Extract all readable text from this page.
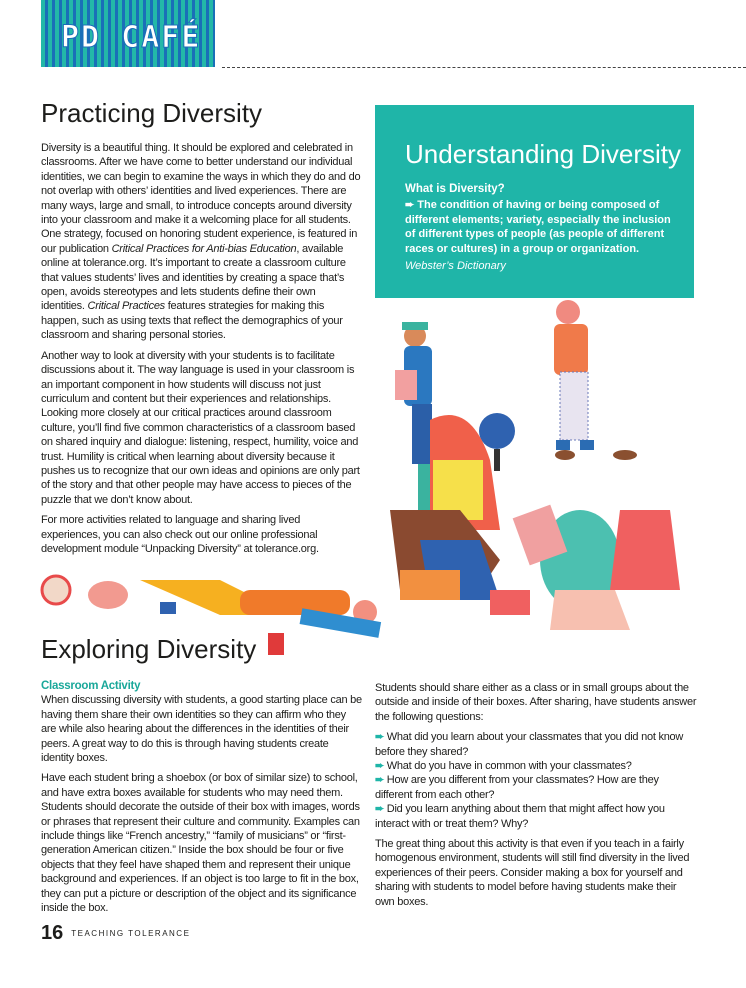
PD CAFÉ
Practicing Diversity

Diversity is a beautiful thing. It should be explored and celebrated in classrooms. After we have come to better understand our individual identities, we can begin to examine the ways in which they do and do not overlap with others’ identities and lived experiences. There are many ways, large and small, to introduce concepts around diversity into your classroom and make it a welcoming place for all students. One strategy, focused on honoring student experience, is featured in our publication Critical Practices for Anti-bias Education, available online at tolerance.org. It’s important to create a classroom culture that values students’ lives and identities by creating a space that’s open, avoids stereotypes and lets students define their own identities. Critical Practices features strategies for making this happen, such as using texts that reflect the demographics of your classroom and sharing personal stories.

Another way to look at diversity with your students is to facilitate discussions about it. The way language is used in your classroom is an important component in how students will discuss not just curriculum and content but their experiences and relationships. Looking more closely at our critical practices around classroom culture, you’ll find five common characteristics of a classroom based on shared inquiry and dialogue: listening, respect, humility, voice and trust. Humility is critical when learning about diversity because it pushes us to recognize that our own ideas and opinions are only part of the story and that other people may have access to pieces of the puzzle that we don’t know about.

For more activities related to language and sharing lived experiences, you can also check out our online professional development module “Unpacking Diversity” at tolerance.org.

Understanding Diversity
What is Diversity?
➨ The condition of having or being composed of different elements; variety, especially the inclusion of different types of people (as people of different races or cultures) in a group or organization.
Webster’s Dictionary
Exploring Diversity
Classroom Activity

When discussing diversity with students, a good starting place can be having them share their own identities so they can affirm who they are while also hearing about the differences in the identities of their peers. A great way to do this is through having students create identity boxes.

Have each student bring a shoebox (or box of similar size) to school, and have extra boxes available for students who may need them. Students should decorate the outside of their box with images, words or phrases that represent their culture and community. Examples can include things like “French ancestry,” “family of musicians” or “first-generation American citizen.” Inside the box should be four or five objects that they feel have shaped them and represent their unique background and experiences. If an object is too large to fit in the box, they can put a picture or description of the object and its significance inside the box.

Students should share either as a class or in small groups about the outside and inside of their boxes. After sharing, have students answer the following questions:

➨ What did you learn about your classmates that you did not know before they shared?
➨ What do you have in common with your classmates?
➨ How are you different from your classmates? How are they different from each other?
➨ Did you learn anything about them that might affect how you interact with or treat them? Why?

The great thing about this activity is that even if you teach in a fairly homogenous environment, students will still find diversity in the lived experiences of their peers. Consider making a box for yourself and sharing with students to model before having students make their own boxes.

16 TEACHING TOLERANCE
